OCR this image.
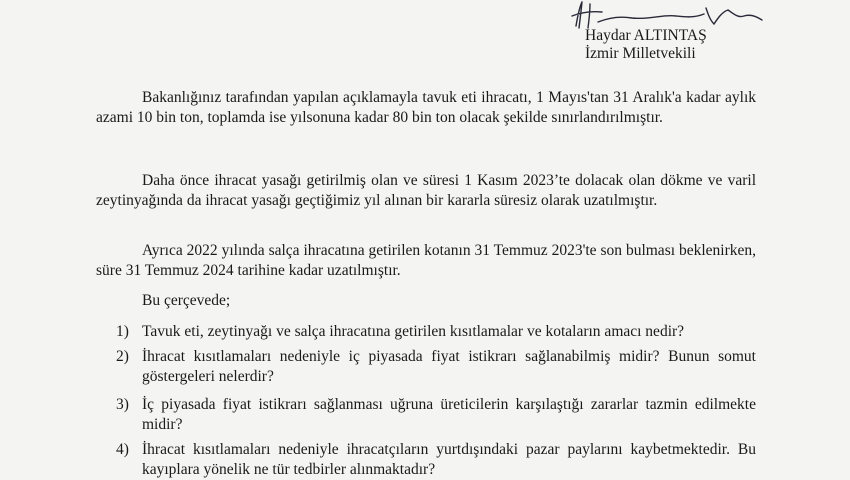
Haydar ALTINTAŞ
İzmir Milletvekili
Bakanlığınız tarafından yapılan açıklamayla tavuk eti ihracatı, 1 Mayıs'tan 31 Aralık'a kadar aylık azami 10 bin ton, toplamda ise yılsonuna kadar 80 bin ton olacak şekilde sınırlandırılmıştır.
Daha önce ihracat yasağı getirilmiş olan ve süresi 1 Kasım 2023’te dolacak olan dökme ve varil zeytinyağında da ihracat yasağı geçtiğimiz yıl alınan bir kararla süresiz olarak uzatılmıştır.
Ayrıca 2022 yılında salça ihracatına getirilen kotanın 31 Temmuz 2023'te son bulması beklenirken, süre 31 Temmuz 2024 tarihine kadar uzatılmıştır.
Bu çerçevede;
1) Tavuk eti, zeytinyağı ve salça ihracatına getirilen kısıtlamalar ve kotaların amacı nedir?
2) İhracat kısıtlamaları nedeniyle iç piyasada fiyat istikrarı sağlanabilmiş midir? Bunun somut göstergeleri nelerdir?
3) İç piyasada fiyat istikrarı sağlanması uğruna üreticilerin karşılaştığı zararlar tazmin edilmekte midir?
4) İhracat kısıtlamaları nedeniyle ihracatçıların yurtdışındaki pazar paylarını kaybetmektedir. Bu kayıplara yönelik ne tür tedbirler alınmaktadır?
